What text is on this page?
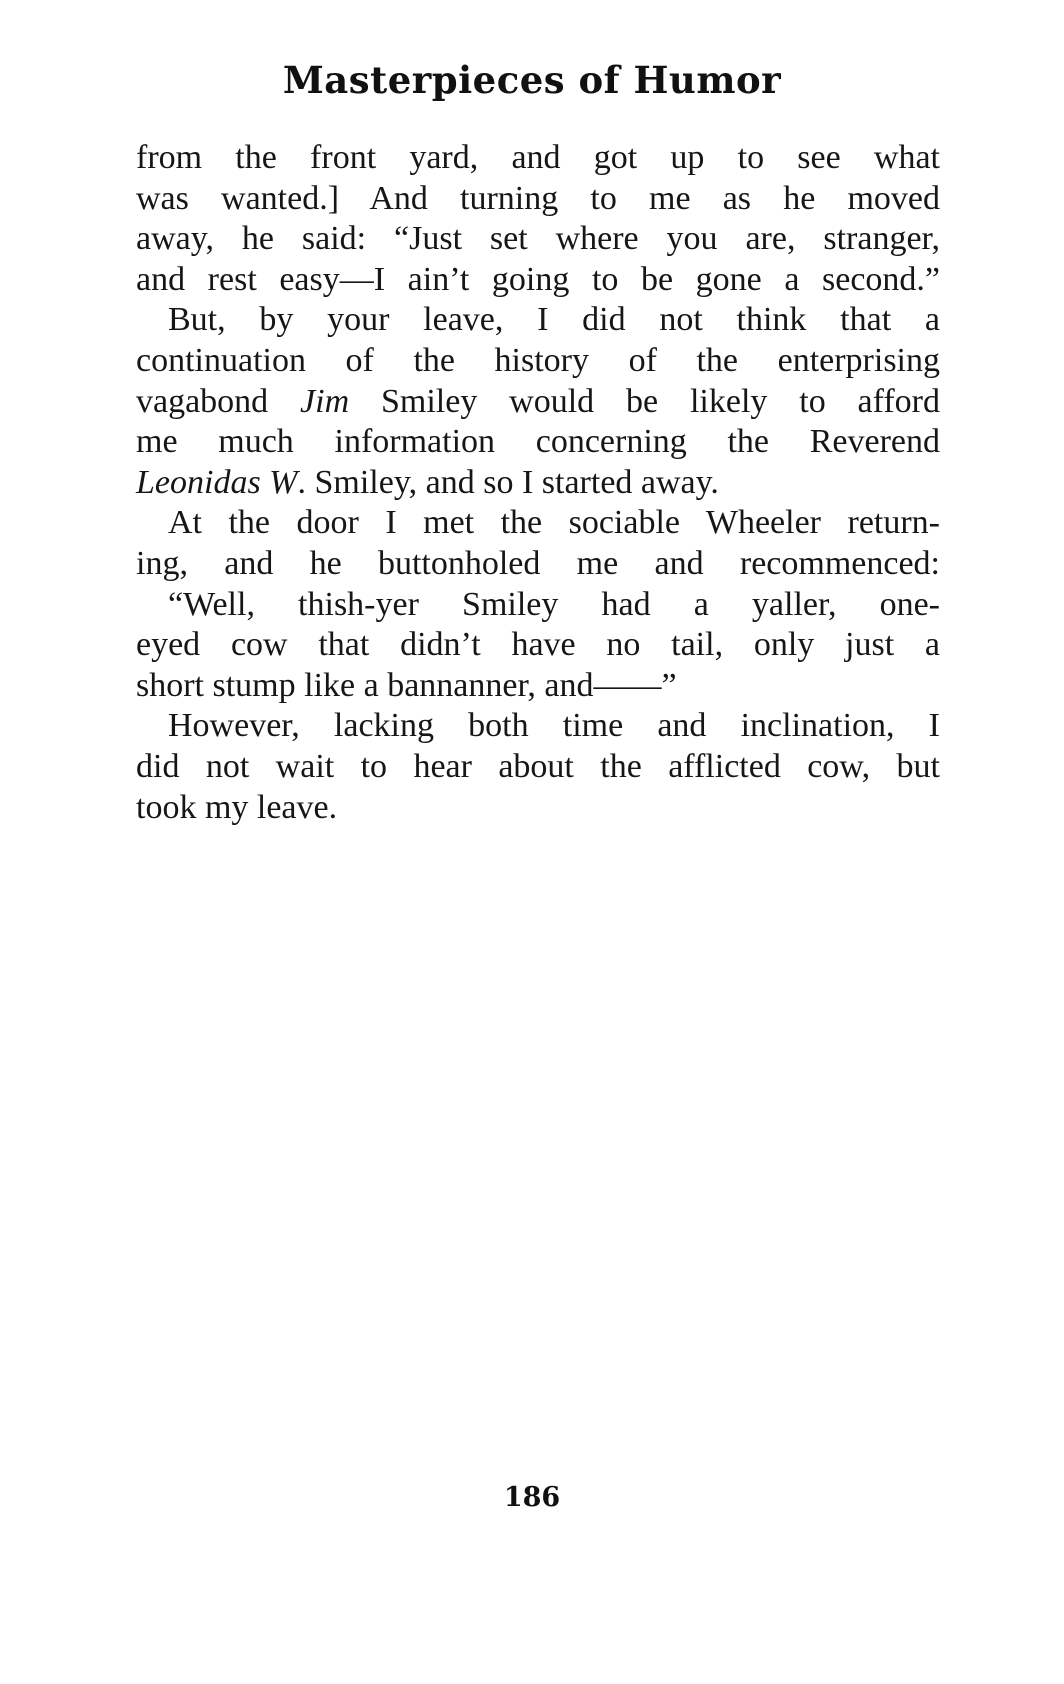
Masterpieces of Humor
from the front yard, and got up to see what
was wanted.] And turning to me as he moved
away, he said: “Just set where you are, stranger,
and rest easy—I ain’t going to be gone a second.”
But, by your leave, I did not think that a
continuation of the history of the enterprising
vagabond Jim Smiley would be likely to afford
me much information concerning the Reverend
Leonidas W. Smiley, and so I started away.
At the door I met the sociable Wheeler return-
ing, and he buttonholed me and recommenced:
“Well, thish-yer Smiley had a yaller, one-
eyed cow that didn’t have no tail, only just a
short stump like a bannanner, and——”
However, lacking both time and inclination, I
did not wait to hear about the afflicted cow, but
took my leave.
186
